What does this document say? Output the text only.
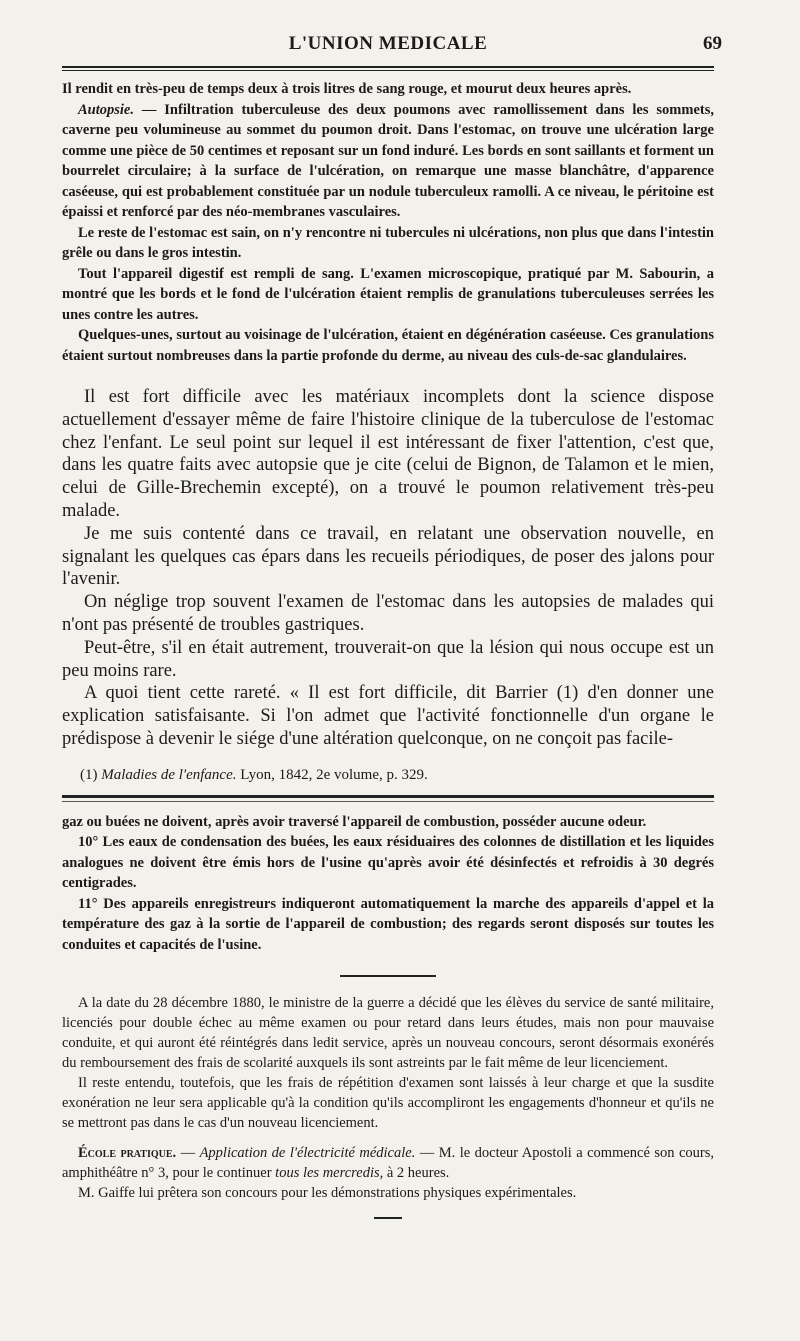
L'UNION MEDICALE	69

Il rendit en très-peu de temps deux à trois litres de sang rouge, et mourut deux heures après.

Autopsie. — Infiltration tuberculeuse des deux poumons avec ramollissement dans les sommets, caverne peu volumineuse au sommet du poumon droit. Dans l'estomac, on trouve une ulcération large comme une pièce de 50 centimes et reposant sur un fond induré. Les bords en sont saillants et forment un bourrelet circulaire; à la surface de l'ulcération, on remarque une masse blanchâtre, d'apparence caséeuse, qui est probablement constituée par un nodule tuberculeux ramolli. A ce niveau, le péritoine est épaissi et renforcé par des néo-membranes vasculaires.

Le reste de l'estomac est sain, on n'y rencontre ni tubercules ni ulcérations, non plus que dans l'intestin grêle ou dans le gros intestin.

Tout l'appareil digestif est rempli de sang. L'examen microscopique, pratiqué par M. Sabourin, a montré que les bords et le fond de l'ulcération étaient remplis de granulations tuberculeuses serrées les unes contre les autres.

Quelques-unes, surtout au voisinage de l'ulcération, étaient en dégénération caséeuse. Ces granulations étaient surtout nombreuses dans la partie profonde du derme, au niveau des culs-de-sac glandulaires.

Il est fort difficile avec les matériaux incomplets dont la science dispose actuellement d'essayer même de faire l'histoire clinique de la tuberculose de l'estomac chez l'enfant. Le seul point sur lequel il est intéressant de fixer l'attention, c'est que, dans les quatre faits avec autopsie que je cite (celui de Bignon, de Talamon et le mien, celui de Gille-Brechemin excepté), on a trouvé le poumon relativement très-peu malade.

Je me suis contenté dans ce travail, en relatant une observation nouvelle, en signalant les quelques cas épars dans les recueils périodiques, de poser des jalons pour l'avenir.

On néglige trop souvent l'examen de l'estomac dans les autopsies de malades qui n'ont pas présenté de troubles gastriques.

Peut-être, s'il en était autrement, trouverait-on que la lésion qui nous occupe est un peu moins rare.

A quoi tient cette rareté. « Il est fort difficile, dit Barrier (1) d'en donner une explication satisfaisante. Si l'on admet que l'activité fonctionnelle d'un organe le prédispose à devenir le siége d'une altération quelconque, on ne conçoit pas facile-

(1) Maladies de l'enfance. Lyon, 1842, 2e volume, p. 329.

gaz ou buées ne doivent, après avoir traversé l'appareil de combustion, posséder aucune odeur.

10° Les eaux de condensation des buées, les eaux résiduaires des colonnes de distillation et les liquides analogues ne doivent être émis hors de l'usine qu'après avoir été désinfectés et refroidis à 30 degrés centigrades.

11° Des appareils enregistreurs indiqueront automatiquement la marche des appareils d'appel et la température des gaz à la sortie de l'appareil de combustion; des regards seront disposés sur toutes les conduites et capacités de l'usine.

A la date du 28 décembre 1880, le ministre de la guerre a décidé que les élèves du service de santé militaire, licenciés pour double échec au même examen ou pour retard dans leurs études, mais non pour mauvaise conduite, et qui auront été réintégrés dans ledit service, après un nouveau concours, seront désormais exonérés du remboursement des frais de scolarité auxquels ils sont astreints par le fait même de leur licenciement.

Il reste entendu, toutefois, que les frais de répétition d'examen sont laissés à leur charge et que la susdite exonération ne leur sera applicable qu'à la condition qu'ils accompliront les engagements d'honneur et qu'ils ne se mettront pas dans le cas d'un nouveau licenciement.

École pratique. — Application de l'électricité médicale. — M. le docteur Apostoli a commencé son cours, amphithéâtre n° 3, pour le continuer tous les mercredis, à 2 heures.

M. Gaiffe lui prêtera son concours pour les démonstrations physiques expérimentales.
